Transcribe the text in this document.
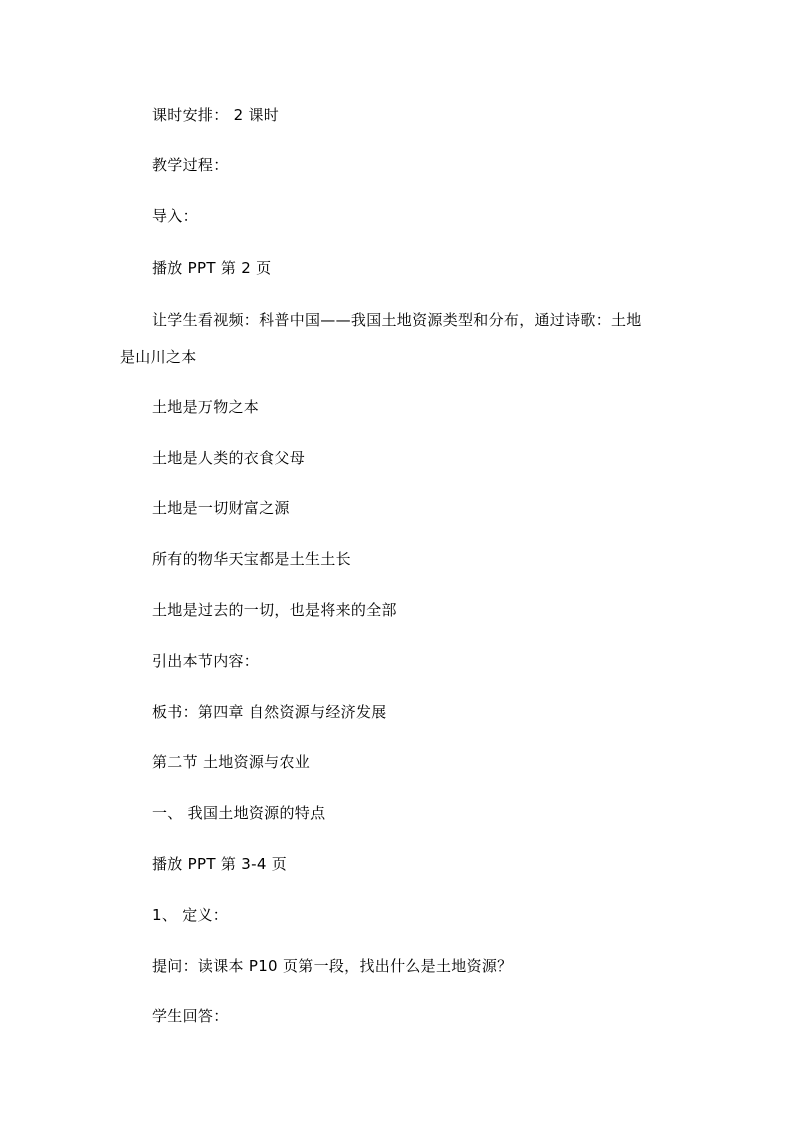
课时安排： 2 课时
教学过程：
导入：
播放 PPT 第 2 页
让学生看视频：科普中国——我国土地资源类型和分布，通过诗歌：土地
是山川之本
土地是万物之本
土地是人类的衣食父母
土地是一切财富之源
所有的物华天宝都是土生土长
土地是过去的一切，也是将来的全部
引出本节内容：
板书：第四章 自然资源与经济发展
第二节 土地资源与农业
一、 我国土地资源的特点
播放 PPT 第 3-4 页
1、 定义：
提问：读课本 P10 页第一段，找出什么是土地资源？
学生回答：
